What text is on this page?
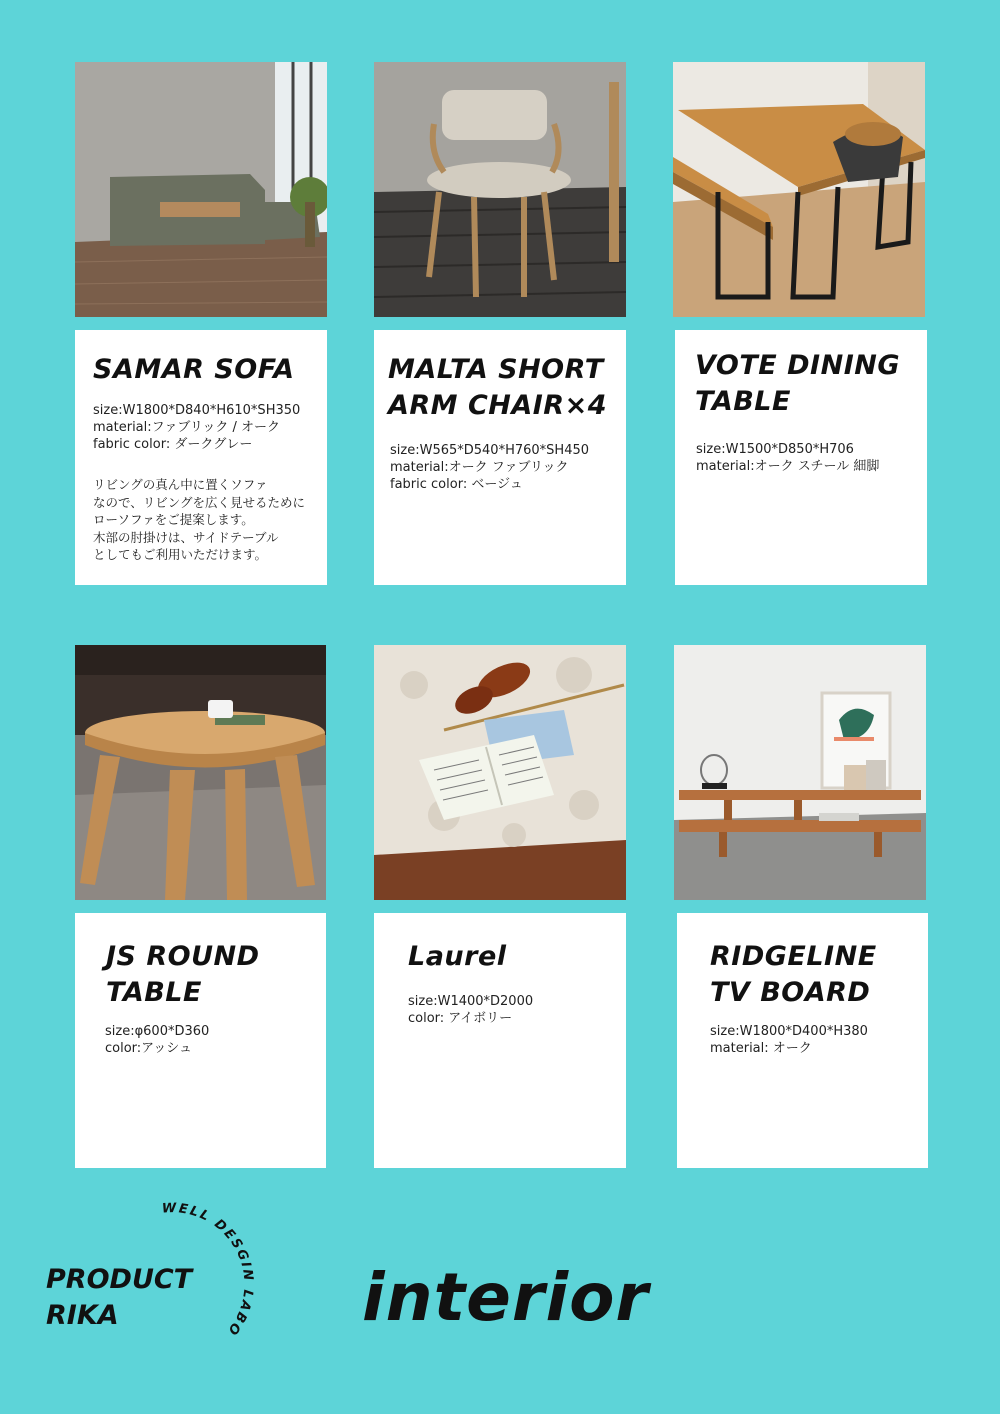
SAMAR SOFA
size:W1800*D840*H610*SH350
material:ファブリック / オーク
fabric color: ダークグレー
リビングの真ん中に置くソファ
なので、リビングを広く見せるために
ローソファをご提案します。
木部の肘掛けは、サイドテーブル
としてもご利用いただけます。
MALTA SHORT
ARM CHAIR×4
size:W565*D540*H760*SH450
material:オーク ファブリック
fabric color: ベージュ
VOTE DINING
TABLE
size:W1500*D850*H706
material:オーク スチール 細脚
JS ROUND
TABLE
size:φ600*D360
color:アッシュ
Laurel
size:W1400*D2000
color: アイボリー
RIDGELINE
TV BOARD
size:W1800*D400*H380
material: オーク
PRODUCT
RIKA
WELL DESGIN LABO interior
